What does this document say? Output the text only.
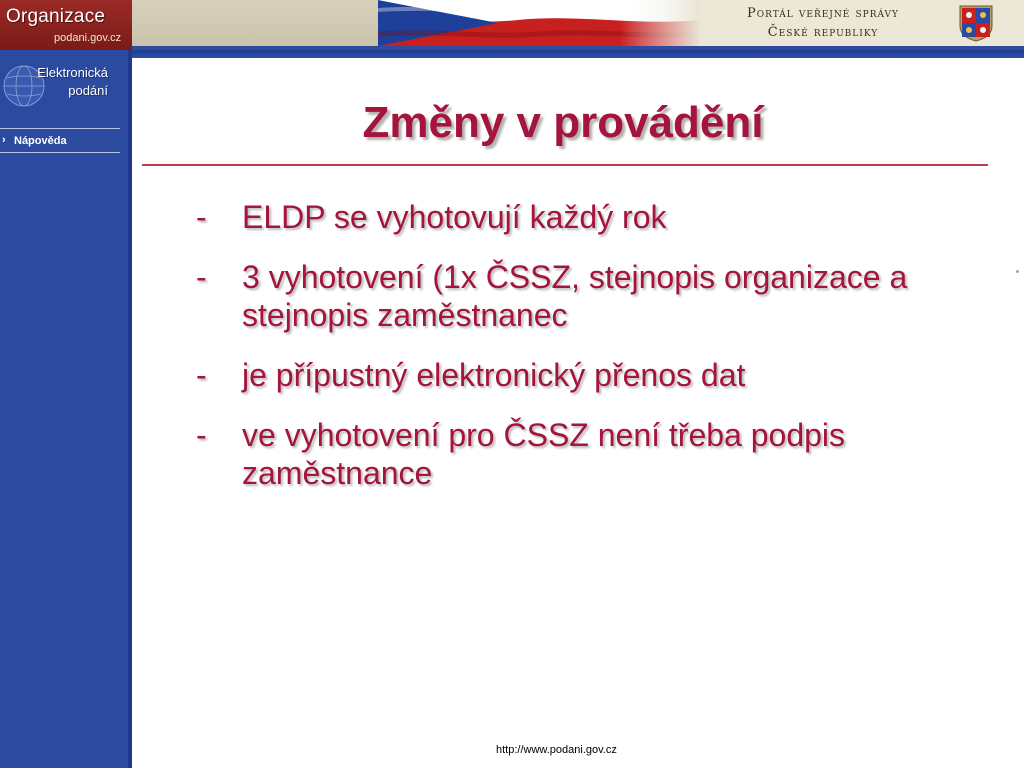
Organizace
podani.gov.cz
Portál veřejné správy
České republiky
Elektronická
podání
› Nápověda	Změny v provádění
-	ELDP se vyhotovují každý rok
-	3 vyhotovení (1x ČSSZ, stejnopis organizace a stejnopis zaměstnanec
-	je přípustný elektronický přenos dat
-	ve vyhotovení pro ČSSZ není třeba podpis zaměstnance
http://www.podani.gov.cz
